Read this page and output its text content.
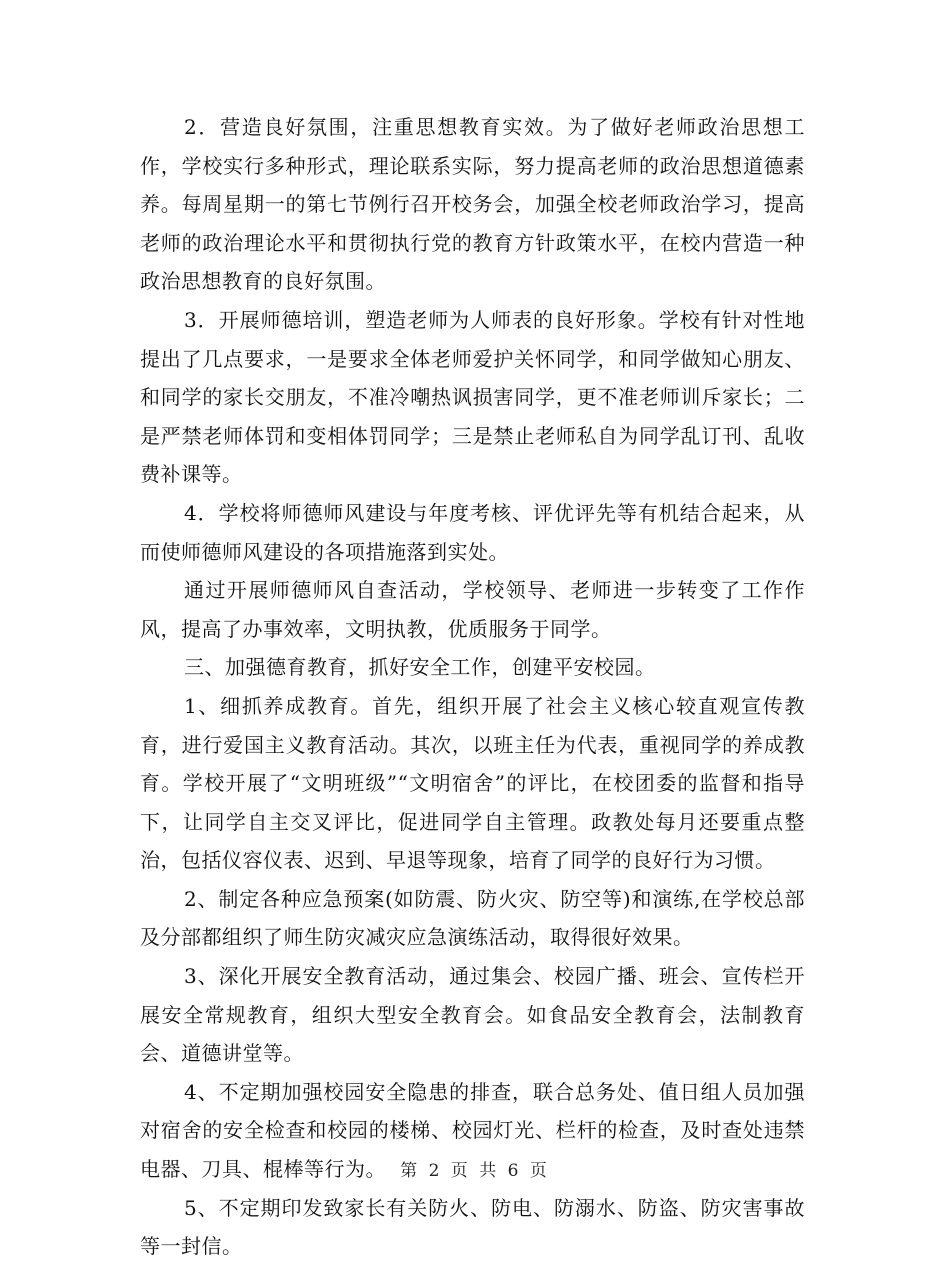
2．营造良好氛围，注重思想教育实效。为了做好老师政治思想工作，学校实行多种形式，理论联系实际，努力提高老师的政治思想道德素养。每周星期一的第七节例行召开校务会，加强全校老师政治学习，提高老师的政治理论水平和贯彻执行党的教育方针政策水平，在校内营造一种政治思想教育的良好氛围。

3．开展师德培训，塑造老师为人师表的良好形象。学校有针对性地提出了几点要求，一是要求全体老师爱护关怀同学，和同学做知心朋友、和同学的家长交朋友，不准冷嘲热讽损害同学，更不准老师训斥家长；二是严禁老师体罚和变相体罚同学；三是禁止老师私自为同学乱订刊、乱收费补课等。

4．学校将师德师风建设与年度考核、评优评先等有机结合起来，从而使师德师风建设的各项措施落到实处。

通过开展师德师风自查活动，学校领导、老师进一步转变了工作作风，提高了办事效率，文明执教，优质服务于同学。

三、加强德育教育，抓好安全工作，创建平安校园。

1、细抓养成教育。首先，组织开展了社会主义核心较直观宣传教育，进行爱国主义教育活动。其次，以班主任为代表，重视同学的养成教育。学校开展了“文明班级”“文明宿舍”的评比，在校团委的监督和指导下，让同学自主交叉评比，促进同学自主管理。政教处每月还要重点整治，包括仪容仪表、迟到、早退等现象，培育了同学的良好行为习惯。

2、制定各种应急预案(如防震、防火灾、防空等)和演练,在学校总部及分部都组织了师生防灾减灾应急演练活动，取得很好效果。

3、深化开展安全教育活动，通过集会、校园广播、班会、宣传栏开展安全常规教育，组织大型安全教育会。如食品安全教育会，法制教育会、道德讲堂等。

4、不定期加强校园安全隐患的排查，联合总务处、值日组人员加强对宿舍的安全检查和校园的楼梯、校园灯光、栏杆的检查，及时查处违禁电器、刀具、棍棒等行为。

5、不定期印发致家长有关防火、防电、防溺水、防盗、防灾害事故等一封信。

第 2 页 共 6 页
